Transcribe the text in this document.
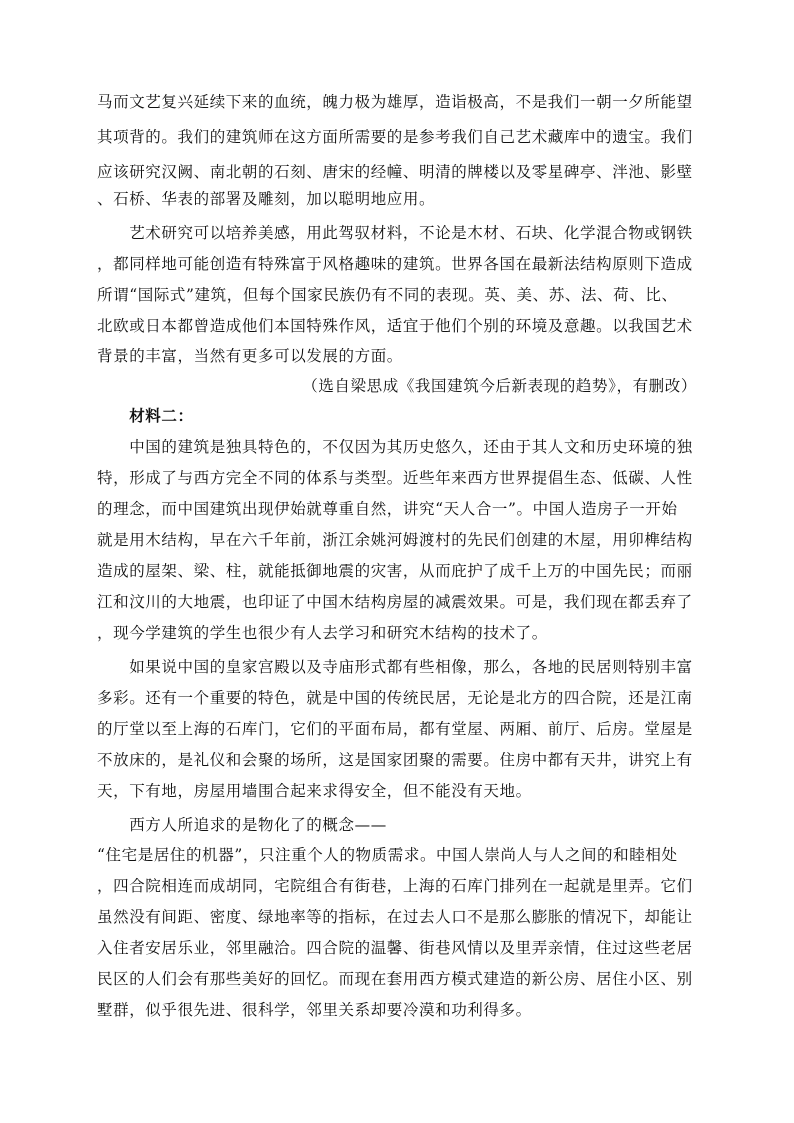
马而文艺复兴延续下来的血统，魄力极为雄厚，造诣极高，不是我们一朝一夕所能望
其项背的。我们的建筑师在这方面所需要的是参考我们自己艺术藏库中的遗宝。我们
应该研究汉阙、南北朝的石刻、唐宋的经幢、明清的牌楼以及零星碑亭、泮池、影壁
、石桥、华表的部署及雕刻，加以聪明地应用。
　　艺术研究可以培养美感，用此驾驭材料，不论是木材、石块、化学混合物或钢铁
，都同样地可能创造有特殊富于风格趣味的建筑。世界各国在最新法结构原则下造成
所谓“国际式”建筑，但每个国家民族仍有不同的表现。英、美、苏、法、荷、比、
北欧或日本都曾造成他们本国特殊作风，适宜于他们个别的环境及意趣。以我国艺术
背景的丰富，当然有更多可以发展的方面。
（选自梁思成《我国建筑今后新表现的趋势》，有删改）
　　材料二：
　　中国的建筑是独具特色的，不仅因为其历史悠久，还由于其人文和历史环境的独
特，形成了与西方完全不同的体系与类型。近些年来西方世界提倡生态、低碳、人性
的理念，而中国建筑出现伊始就尊重自然，讲究“天人合一”。中国人造房子一开始
就是用木结构，早在六千年前，浙江余姚河姆渡村的先民们创建的木屋，用卯榫结构
造成的屋架、梁、柱，就能抵御地震的灾害，从而庇护了成千上万的中国先民；而丽
江和汶川的大地震，也印证了中国木结构房屋的减震效果。可是，我们现在都丢弃了
，现今学建筑的学生也很少有人去学习和研究木结构的技术了。
　　如果说中国的皇家宫殿以及寺庙形式都有些相像，那么，各地的民居则特别丰富
多彩。还有一个重要的特色，就是中国的传统民居，无论是北方的四合院，还是江南
的厅堂以至上海的石库门，它们的平面布局，都有堂屋、两厢、前厅、后房。堂屋是
不放床的，是礼仪和会聚的场所，这是国家团聚的需要。住房中都有天井，讲究上有
天，下有地，房屋用墙围合起来求得安全，但不能没有天地。
　　西方人所追求的是物化了的概念——
“住宅是居住的机器”，只注重个人的物质需求。中国人崇尚人与人之间的和睦相处
，四合院相连而成胡同，宅院组合有街巷，上海的石库门排列在一起就是里弄。它们
虽然没有间距、密度、绿地率等的指标，在过去人口不是那么膨胀的情况下，却能让
入住者安居乐业，邻里融洽。四合院的温馨、街巷风情以及里弄亲情，住过这些老居
民区的人们会有那些美好的回忆。而现在套用西方模式建造的新公房、居住小区、别
墅群，似乎很先进、很科学，邻里关系却要冷漠和功利得多。
